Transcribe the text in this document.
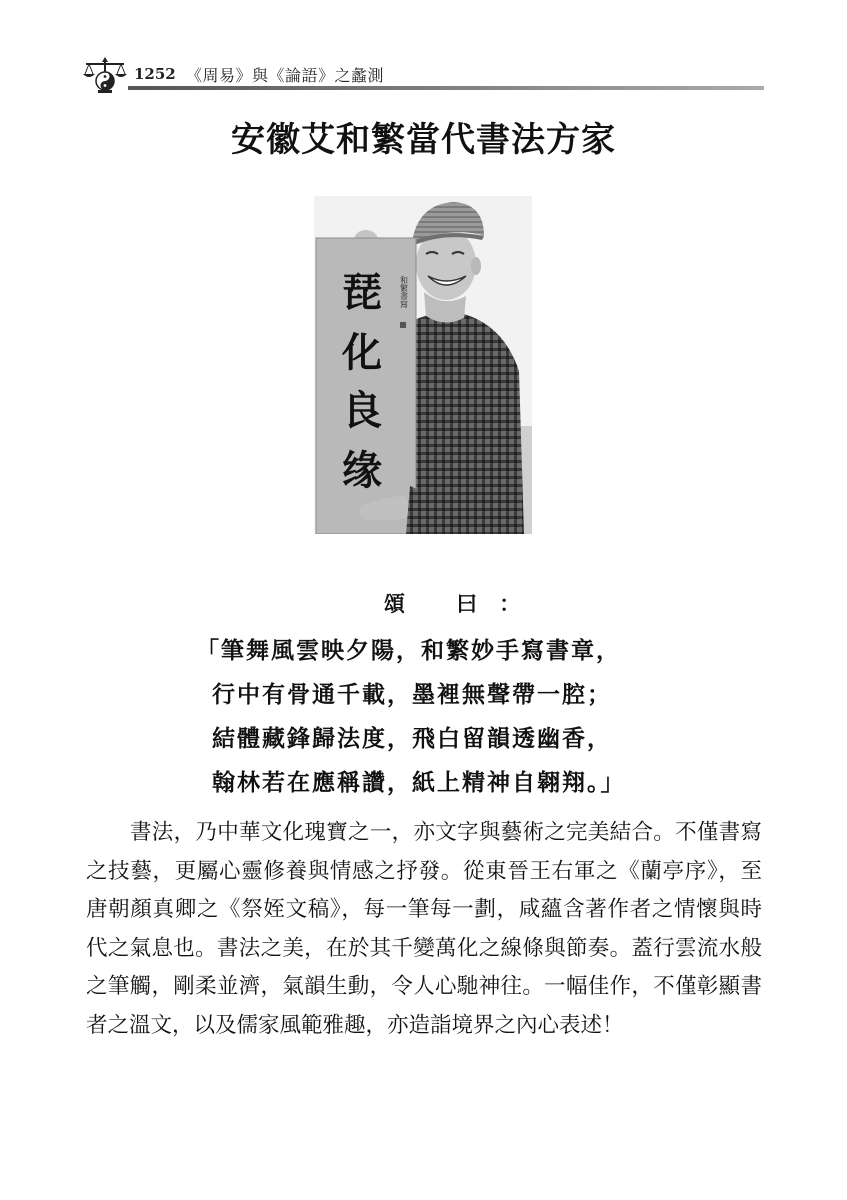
1252 《周易》與《論語》之蠡測
安徽艾和繁當代書法方家
琵
化
良
缘
和繁書寫
頌 曰：
「筆舞風雲映夕陽，和繁妙手寫書章，
行中有骨通千載，墨裡無聲帶一腔；
結體藏鋒歸法度，飛白留韻透幽香，
翰林若在應稱讚，紙上精神自翱翔。」

書法，乃中華文化瑰寶之一，亦文字與藝術之完美結合。不僅書寫之技藝，更屬心靈修養與情感之抒發。從東晉王右軍之《蘭亭序》，至唐朝顏真卿之《祭姪文稿》，每一筆每一劃，咸蘊含著作者之情懷與時代之氣息也。書法之美，在於其千變萬化之線條與節奏。蓋行雲流水般之筆觸，剛柔並濟，氣韻生動，令人心馳神往。一幅佳作，不僅彰顯書者之溫文，以及儒家風範雅趣，亦造詣境界之內心表述！
